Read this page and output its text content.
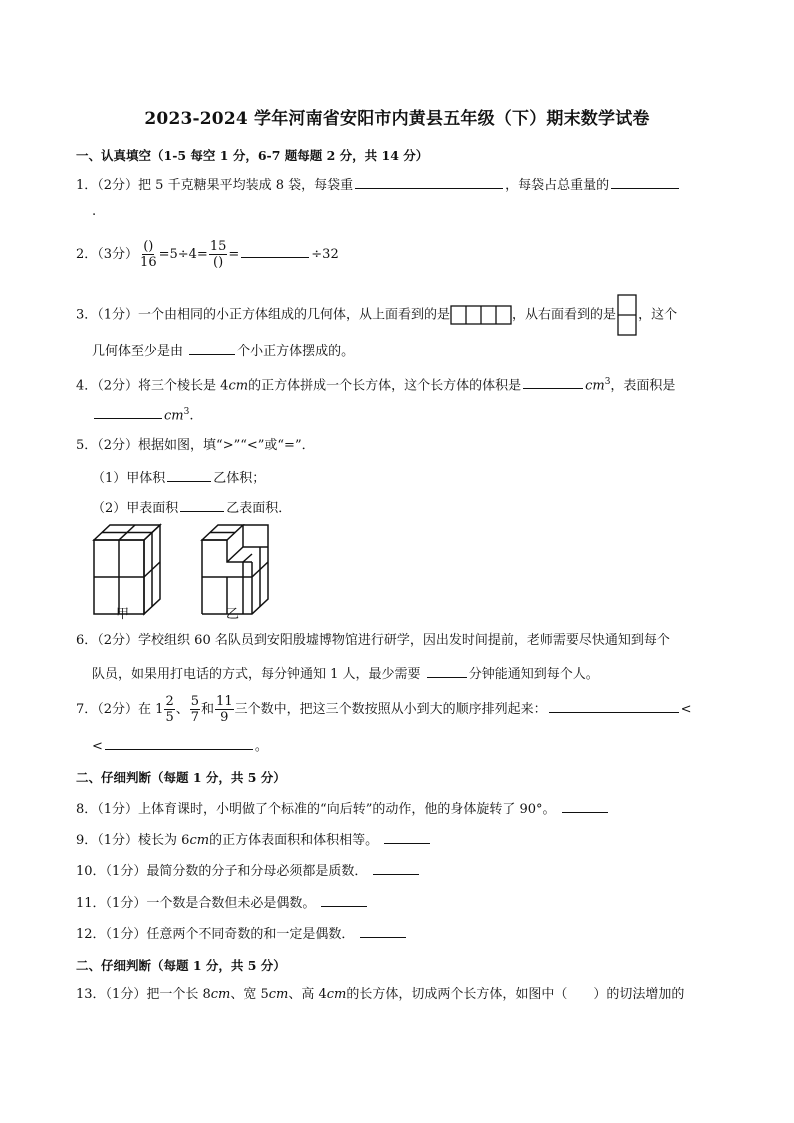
2023-2024 学年河南省安阳市内黄县五年级（下）期末数学试卷
一、认真填空（1-5 每空 1 分，6-7 题每题 2 分，共 14 分）
1．（2分）把 5 千克糖果平均装成 8 袋，每袋重	，每袋占总重量的
.
2．（3分） $\frac{()}{16} =5\div 4= \frac{15}{()}$ =	÷32
3．（1分）一个由相同的小正方体组成的几何体，从上面看到的是	，从右面看到的是 ，这个
几何体至少是由	个小正方体摆成的。
4．（2分）将三个棱长是 4cm的正方体拼成一个长方体，这个长方体的体积是	$cm^3$，表面积是
$cm^3$.
5．（2分）根据如图，填“>”“<”或“=”．
（1）甲体积	乙体积；
（2）甲表面积	乙表面积．
甲	乙
6．（2分）学校组织 60 名队员到安阳殷墟博物馆进行研学，因出发时间提前，老师需要尽快通知到每个
队员，如果用打电话的方式，每分钟通知 1 人，最少需要	分钟能通知到每个人。
7．（2分）在 $1 \frac{2}{5}$ 、 $\frac{5}{7}$ 和 $\frac{11}{9}$ 三个数中，把这三个数按照从小到大的顺序排列起来：	<
<	。
二、仔细判断（每题 1 分，共 5 分）
8．（1分）上体育课时，小明做了个标准的“向后转”的动作，他的身体旋转了 90°。
9．（1分）棱长为 6cm的正方体表面积和体积相等。
10．（1分）最简分数的分子和分母必须都是质数．
11．（1分）一个数是合数但未必是偶数。
12．（1分）任意两个不同奇数的和一定是偶数．
二、仔细判断（每题 1 分，共 5 分）
13．（1分）把一个长 8cm、宽 5cm、高 4cm的长方体，切成两个长方体，如图中（　　）的切法增加的
